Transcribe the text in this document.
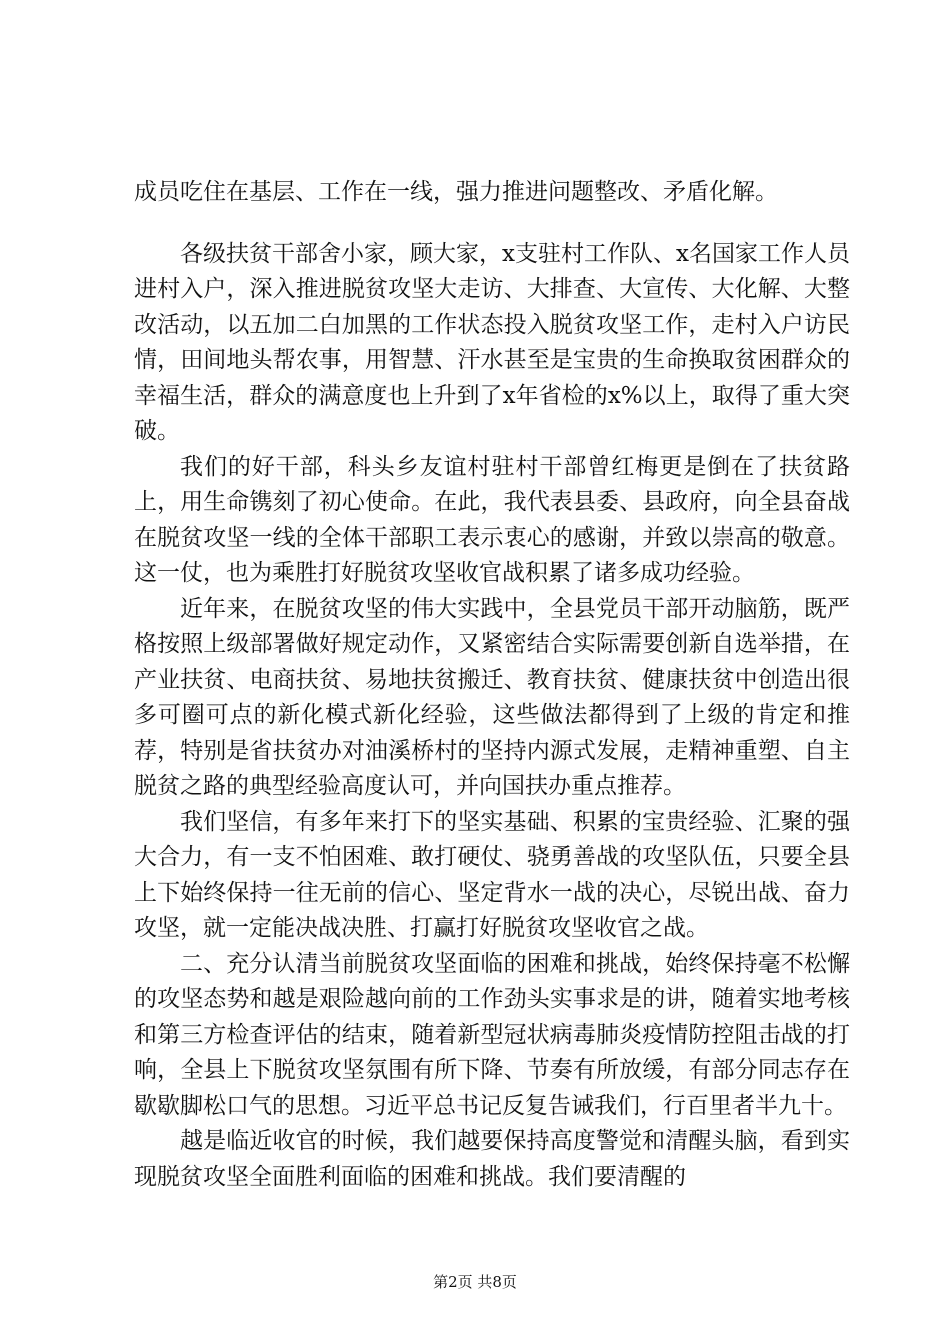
成员吃住在基层、工作在一线，强力推进问题整改、矛盾化解。

各级扶贫干部舍小家，顾大家，x支驻村工作队、x名国家工作人员进村入户，深入推进脱贫攻坚大走访、大排查、大宣传、大化解、大整改活动，以五加二白加黑的工作状态投入脱贫攻坚工作，走村入户访民情，田间地头帮农事，用智慧、汗水甚至是宝贵的生命换取贫困群众的幸福生活，群众的满意度也上升到了x年省检的x%以上，取得了重大突破。

我们的好干部，科头乡友谊村驻村干部曾红梅更是倒在了扶贫路上，用生命镌刻了初心使命。在此，我代表县委、县政府，向全县奋战在脱贫攻坚一线的全体干部职工表示衷心的感谢，并致以崇高的敬意。这一仗，也为乘胜打好脱贫攻坚收官战积累了诸多成功经验。

近年来，在脱贫攻坚的伟大实践中，全县党员干部开动脑筋，既严格按照上级部署做好规定动作，又紧密结合实际需要创新自选举措，在产业扶贫、电商扶贫、易地扶贫搬迁、教育扶贫、健康扶贫中创造出很多可圈可点的新化模式新化经验，这些做法都得到了上级的肯定和推荐，特别是省扶贫办对油溪桥村的坚持内源式发展，走精神重塑、自主脱贫之路的典型经验高度认可，并向国扶办重点推荐。

我们坚信，有多年来打下的坚实基础、积累的宝贵经验、汇聚的强大合力，有一支不怕困难、敢打硬仗、骁勇善战的攻坚队伍，只要全县上下始终保持一往无前的信心、坚定背水一战的决心，尽锐出战、奋力攻坚，就一定能决战决胜、打赢打好脱贫攻坚收官之战。

二、充分认清当前脱贫攻坚面临的困难和挑战，始终保持毫不松懈的攻坚态势和越是艰险越向前的工作劲头实事求是的讲，随着实地考核和第三方检查评估的结束，随着新型冠状病毒肺炎疫情防控阻击战的打响，全县上下脱贫攻坚氛围有所下降、节奏有所放缓，有部分同志存在歇歇脚松口气的思想。习近平总书记反复告诫我们，行百里者半九十。

越是临近收官的时候，我们越要保持高度警觉和清醒头脑，看到实现脱贫攻坚全面胜利面临的困难和挑战。我们要清醒的

第2页 共8页
